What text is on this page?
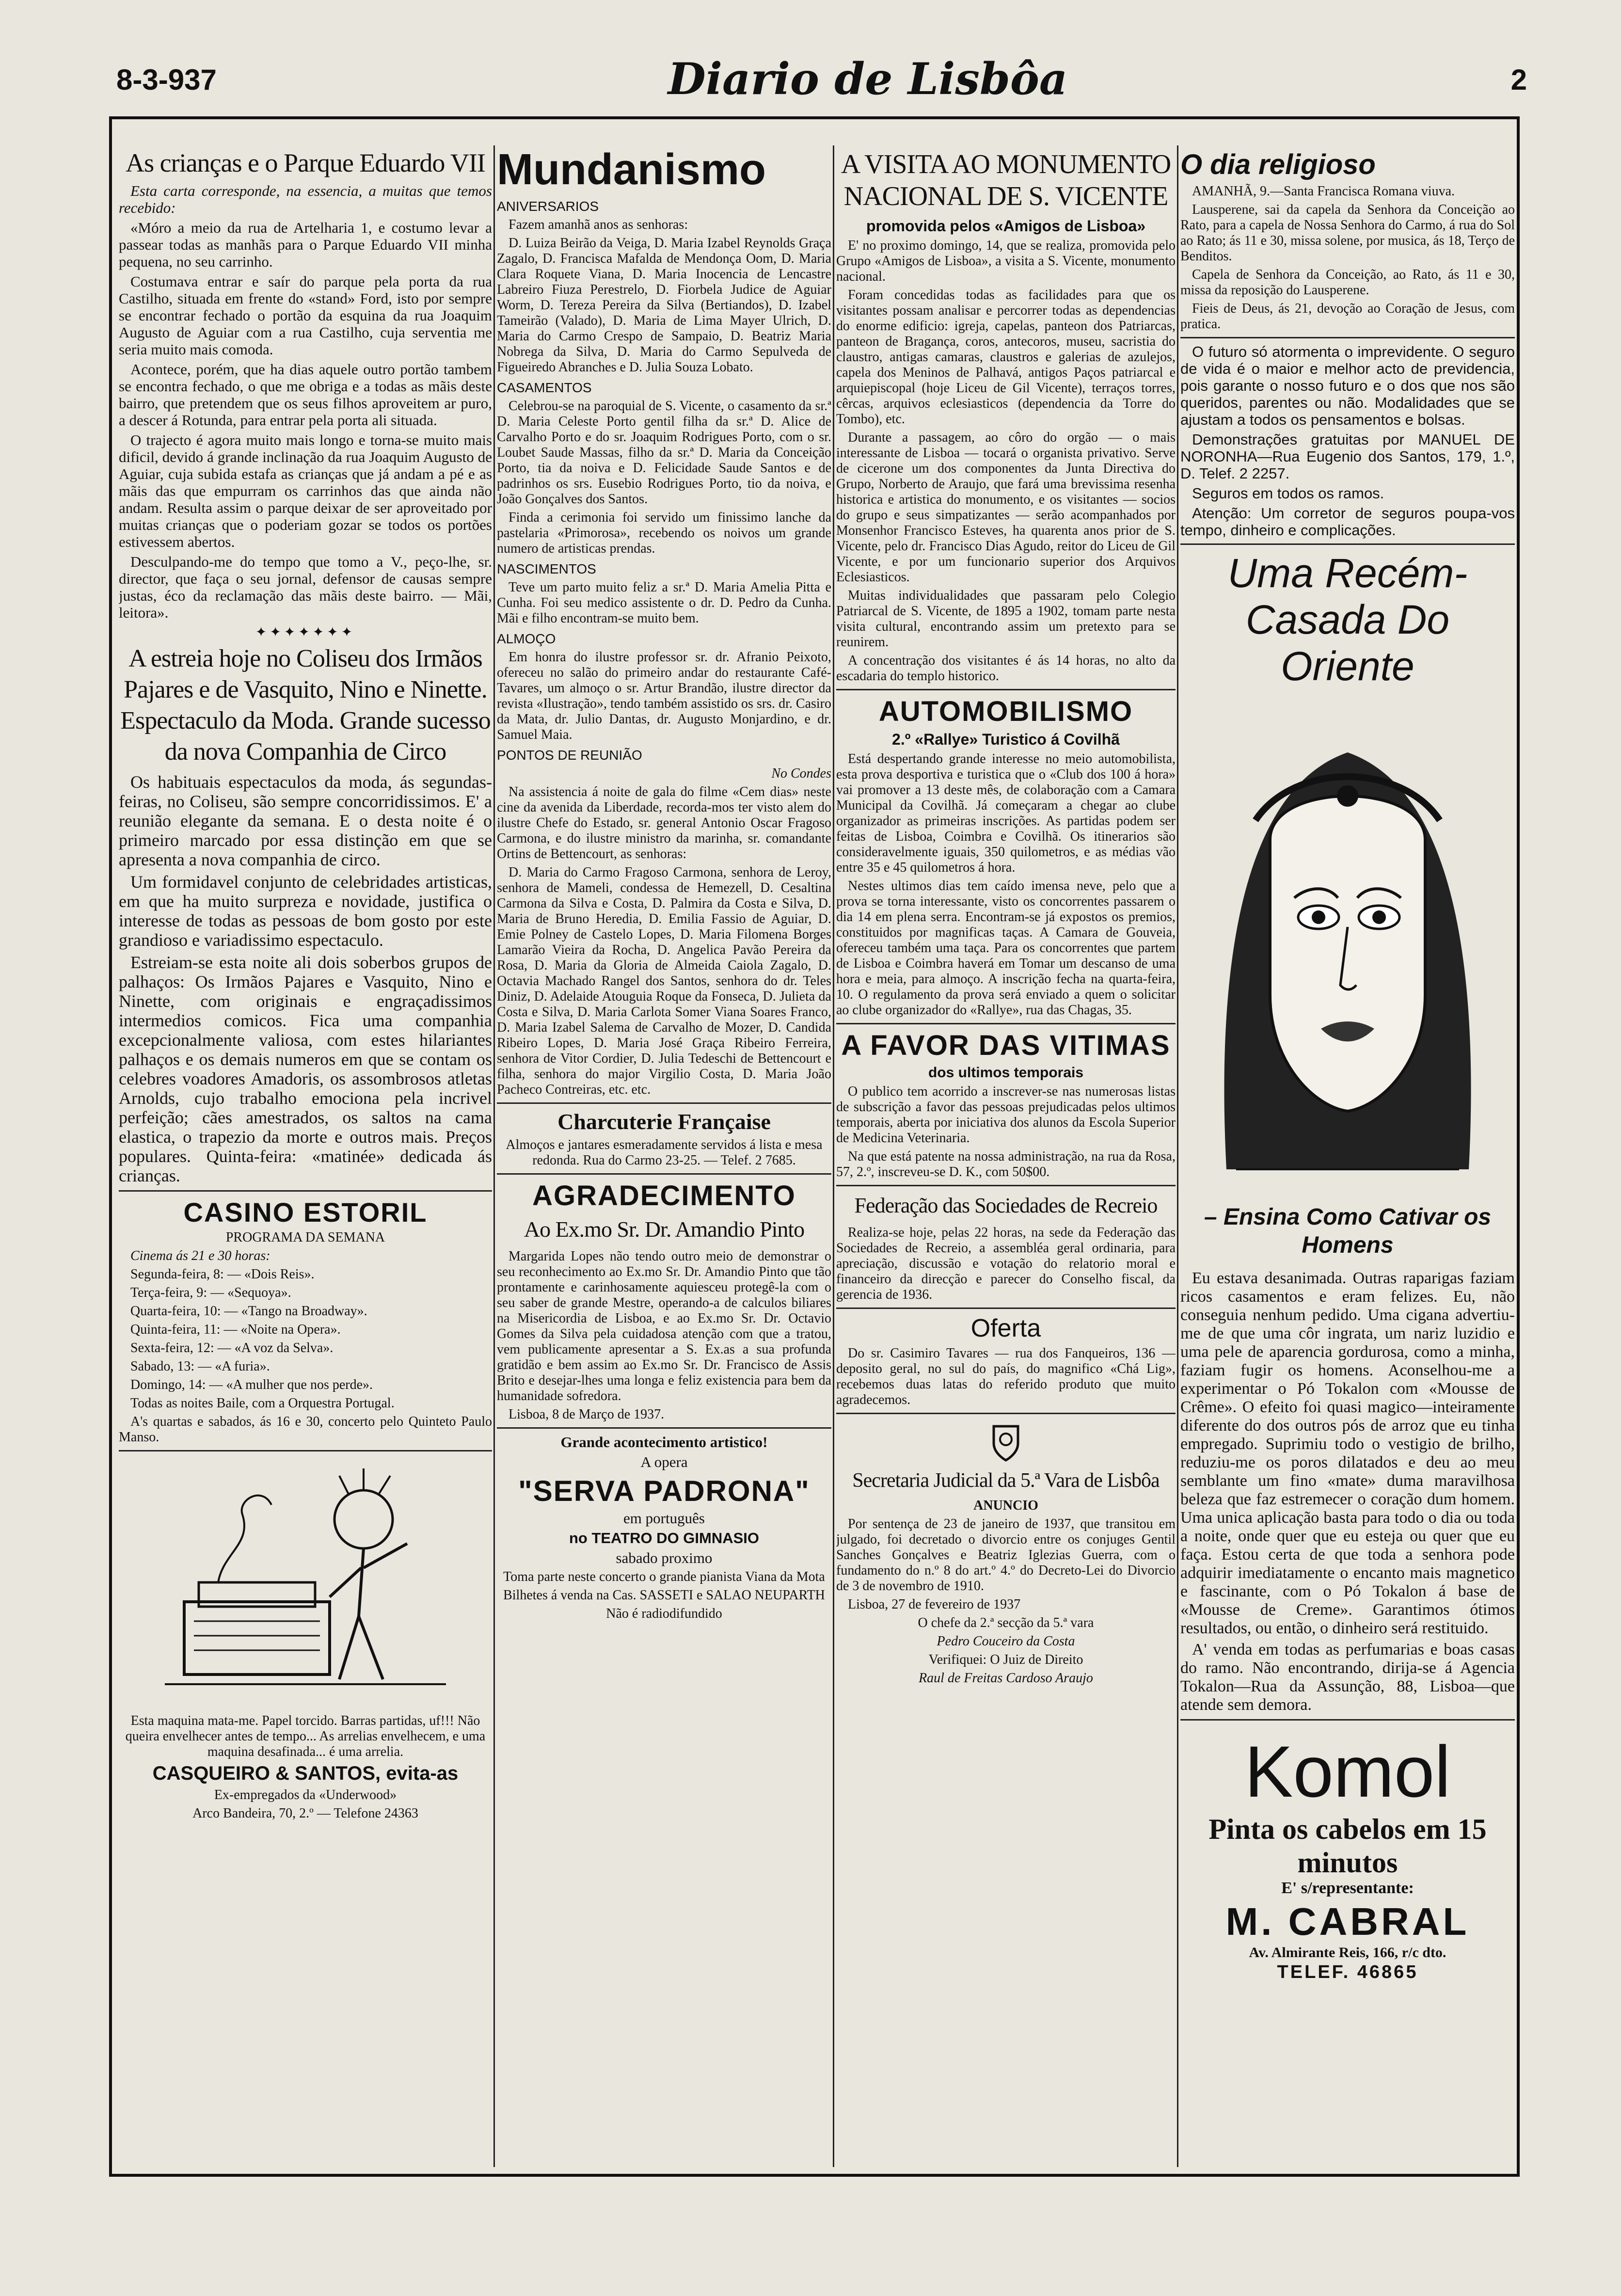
8-3-937	Diario de Lisbôa	2
As crianças e o Parque Eduardo VII

Esta carta corresponde, na essencia, a muitas que temos recebido:

«Móro a meio da rua de Artelharia 1, e costumo levar a passear todas as manhãs para o Parque Eduardo VII minha pequena, no seu carrinho.

Costumava entrar e saír do parque pela porta da rua Castilho, situada em frente do «stand» Ford, isto por sempre se encontrar fechado o portão da esquina da rua Joaquim Augusto de Aguiar com a rua Castilho, cuja serventia me seria muito mais comoda.

Acontece, porém, que ha dias aquele outro portão tambem se encontra fechado, o que me obriga e a todas as mãis deste bairro, que pretendem que os seus filhos aproveitem ar puro, a descer á Rotunda, para entrar pela porta ali situada.

O trajecto é agora muito mais longo e torna-se muito mais dificil, devido á grande inclinação da rua Joaquim Augusto de Aguiar, cuja subida estafa as crianças que já andam a pé e as mãis das que empurram os carrinhos das que ainda não andam. Resulta assim o parque deixar de ser aproveitado por muitas crianças que o poderiam gozar se todos os portões estivessem abertos.

Desculpando-me do tempo que tomo a V., peço-lhe, sr. director, que faça o seu jornal, defensor de causas sempre justas, éco da reclamação das mãis deste bairro. — Mãi, leitora».

✦✦✦✦✦✦✦
A estreia hoje no Coliseu dos Irmãos Pajares e de Vasquito, Nino e Ninette. Espectaculo da Moda. Grande sucesso da nova Companhia de Circo

Os habituais espectaculos da moda, ás segundas-feiras, no Coliseu, são sempre concorridissimos. E' a reunião elegante da semana. E o desta noite é o primeiro marcado por essa distinção em que se apresenta a nova companhia de circo.

Um formidavel conjunto de celebridades artisticas, em que ha muito surpreza e novidade, justifica o interesse de todas as pessoas de bom gosto por este grandioso e variadissimo espectaculo.

Estreiam-se esta noite ali dois soberbos grupos de palhaços: Os Irmãos Pajares e Vasquito, Nino e Ninette, com originais e engraçadissimos intermedios comicos. Fica uma companhia excepcionalmente valiosa, com estes hilariantes palhaços e os demais numeros em que se contam os celebres voadores Amadoris, os assombrosos atletas Arnolds, cujo trabalho emociona pela incrivel perfeição; cães amestrados, os saltos na cama elastica, o trapezio da morte e outros mais. Preços populares. Quinta-feira: «matinée» dedicada ás crianças.

CASINO ESTORIL

PROGRAMA DA SEMANA

Cinema ás 21 e 30 horas:

Segunda-feira, 8: — «Dois Reis».

Terça-feira, 9: — «Sequoya».

Quarta-feira, 10: — «Tango na Broadway».

Quinta-feira, 11: — «Noite na Opera».

Sexta-feira, 12: — «A voz da Selva».

Sabado, 13: — «A furia».

Domingo, 14: — «A mulher que nos perde».

Todas as noites Baile, com a Orquestra Portugal.

A's quartas e sabados, ás 16 e 30, concerto pelo Quinteto Paulo Manso.

Esta maquina mata-me. Papel torcido. Barras partidas, uf!!! Não queira envelhecer antes de tempo... As arrelias envelhecem, e uma maquina desafinada... é uma arrelia.

CASQUEIRO & SANTOS, evita-as

Ex-empregados da «Underwood»

Arco Bandeira, 70, 2.º — Telefone 24363

Mundanismo
ANIVERSARIOS

Fazem amanhã anos as senhoras:

D. Luiza Beirão da Veiga, D. Maria Izabel Reynolds Graça Zagalo, D. Francisca Mafalda de Mendonça Oom, D. Maria Clara Roquete Viana, D. Maria Inocencia de Lencastre Labreiro Fiuza Perestrelo, D. Fiorbela Judice de Aguiar Worm, D. Tereza Pereira da Silva (Bertiandos), D. Izabel Tameirão (Valado), D. Maria de Lima Mayer Ulrich, D. Maria do Carmo Crespo de Sampaio, D. Beatriz Maria Nobrega da Silva, D. Maria do Carmo Sepulveda de Figueiredo Abranches e D. Julia Souza Lobato.

CASAMENTOS

Celebrou-se na paroquial de S. Vicente, o casamento da sr.ª D. Maria Celeste Porto gentil filha da sr.ª D. Alice de Carvalho Porto e do sr. Joaquim Rodrigues Porto, com o sr. Loubet Saude Massas, filho da sr.ª D. Maria da Conceição Porto, tia da noiva e D. Felicidade Saude Santos e de padrinhos os srs. Eusebio Rodrigues Porto, tio da noiva, e João Gonçalves dos Santos.

Finda a cerimonia foi servido um finissimo lanche da pastelaria «Primorosa», recebendo os noivos um grande numero de artisticas prendas.

NASCIMENTOS

Teve um parto muito feliz a sr.ª D. Maria Amelia Pitta e Cunha. Foi seu medico assistente o dr. D. Pedro da Cunha. Mãi e filho encontram-se muito bem.

ALMOÇO

Em honra do ilustre professor sr. dr. Afranio Peixoto, ofereceu no salão do primeiro andar do restaurante Café-Tavares, um almoço o sr. Artur Brandão, ilustre director da revista «Ilustração», tendo também assistido os srs. dr. Casiro da Mata, dr. Julio Dantas, dr. Augusto Monjardino, e dr. Samuel Maia.

PONTOS DE REUNIÃO

No Condes

Na assistencia á noite de gala do filme «Cem dias» neste cine da avenida da Liberdade, recorda-mos ter visto alem do ilustre Chefe do Estado, sr. general Antonio Oscar Fragoso Carmona, e do ilustre ministro da marinha, sr. comandante Ortins de Bettencourt, as senhoras:

D. Maria do Carmo Fragoso Carmona, senhora de Leroy, senhora de Mameli, condessa de Hemezell, D. Cesaltina Carmona da Silva e Costa, D. Palmira da Costa e Silva, D. Maria de Bruno Heredia, D. Emilia Fassio de Aguiar, D. Emie Polney de Castelo Lopes, D. Maria Filomena Borges Lamarão Vieira da Rocha, D. Angelica Pavão Pereira da Rosa, D. Maria da Gloria de Almeida Caiola Zagalo, D. Octavia Machado Rangel dos Santos, senhora do dr. Teles Diniz, D. Adelaide Atouguia Roque da Fonseca, D. Julieta da Costa e Silva, D. Maria Carlota Somer Viana Soares Franco, D. Maria Izabel Salema de Carvalho de Mozer, D. Candida Ribeiro Lopes, D. Maria José Graça Ribeiro Ferreira, senhora de Vitor Cordier, D. Julia Tedeschi de Bettencourt e filha, senhora do major Virgilio Costa, D. Maria João Pacheco Contreiras, etc. etc.

Charcuterie Française

Almoços e jantares esmeradamente servidos á lista e mesa redonda. Rua do Carmo 23-25. — Telef. 2 7685.

AGRADECIMENTO
Ao Ex.mo Sr. Dr. Amandio Pinto

Margarida Lopes não tendo outro meio de demonstrar o seu reconhecimento ao Ex.mo Sr. Dr. Amandio Pinto que tão prontamente e carinhosamente aquiesceu protegê-la com o seu saber de grande Mestre, operando-a de calculos biliares na Misericordia de Lisboa, e ao Ex.mo Sr. Dr. Octavio Gomes da Silva pela cuidadosa atenção com que a tratou, vem publicamente apresentar a S. Ex.as a sua profunda gratidão e bem assim ao Ex.mo Sr. Dr. Francisco de Assis Brito e desejar-lhes uma longa e feliz existencia para bem da humanidade sofredora.

Lisboa, 8 de Março de 1937.

Grande acontecimento artistico!

A opera

"SERVA PADRONA"

em português

no TEATRO DO GIMNASIO

sabado proximo

Toma parte neste concerto o grande pianista Viana da Mota

Bilhetes á venda na Cas. SASSETI e SALAO NEUPARTH

Não é radiodifundido

A VISITA AO MONUMENTO NACIONAL DE S. VICENTE
promovida pelos «Amigos de Lisboa»

E' no proximo domingo, 14, que se realiza, promovida pelo Grupo «Amigos de Lisboa», a visita a S. Vicente, monumento nacional.

Foram concedidas todas as facilidades para que os visitantes possam analisar e percorrer todas as dependencias do enorme edificio: igreja, capelas, panteon dos Patriarcas, panteon de Bragança, coros, antecoros, museu, sacristia do claustro, antigas camaras, claustros e galerias de azulejos, capela dos Meninos de Palhavá, antigos Paços patriarcal e arquiepiscopal (hoje Liceu de Gil Vicente), terraços torres, cêrcas, arquivos eclesiasticos (dependencia da Torre do Tombo), etc.

Durante a passagem, ao côro do orgão — o mais interessante de Lisboa — tocará o organista privativo. Serve de cicerone um dos componentes da Junta Directiva do Grupo, Norberto de Araujo, que fará uma brevissima resenha historica e artistica do monumento, e os visitantes — socios do grupo e seus simpatizantes — serão acompanhados por Monsenhor Francisco Esteves, ha quarenta anos prior de S. Vicente, pelo dr. Francisco Dias Agudo, reitor do Liceu de Gil Vicente, e por um funcionario superior dos Arquivos Eclesiasticos.

Muitas individualidades que passaram pelo Colegio Patriarcal de S. Vicente, de 1895 a 1902, tomam parte nesta visita cultural, encontrando assim um pretexto para se reunirem.

A concentração dos visitantes é ás 14 horas, no alto da escadaria do templo historico.

AUTOMOBILISMO
2.º «Rallye» Turistico á Covilhã

Está despertando grande interesse no meio automobilista, esta prova desportiva e turistica que o «Club dos 100 á hora» vai promover a 13 deste mês, de colaboração com a Camara Municipal da Covilhã. Já começaram a chegar ao clube organizador as primeiras inscrições. As partidas podem ser feitas de Lisboa, Coimbra e Covilhã. Os itinerarios são consideravelmente iguais, 350 quilometros, e as médias vão entre 35 e 45 quilometros á hora.

Nestes ultimos dias tem caído imensa neve, pelo que a prova se torna interessante, visto os concorrentes passarem o dia 14 em plena serra. Encontram-se já expostos os premios, constituidos por magnificas taças. A Camara de Gouveia, ofereceu também uma taça. Para os concorrentes que partem de Lisboa e Coimbra haverá em Tomar um descanso de uma hora e meia, para almoço. A inscrição fecha na quarta-feira, 10. O regulamento da prova será enviado a quem o solicitar ao clube organizador do «Rallye», rua das Chagas, 35.

A FAVOR DAS VITIMAS
dos ultimos temporais

O publico tem acorrido a inscrever-se nas numerosas listas de subscrição a favor das pessoas prejudicadas pelos ultimos temporais, aberta por iniciativa dos alunos da Escola Superior de Medicina Veterinaria.

Na que está patente na nossa administração, na rua da Rosa, 57, 2.º, inscreveu-se D. K., com 50$00.

Federação das Sociedades de Recreio

Realiza-se hoje, pelas 22 horas, na sede da Federação das Sociedades de Recreio, a assembléa geral ordinaria, para apreciação, discussão e votação do relatorio moral e financeiro da direcção e parecer do Conselho fiscal, da gerencia de 1936.

Oferta

Do sr. Casimiro Tavares — rua dos Fanqueiros, 136 — deposito geral, no sul do país, do magnifico «Chá Lig», recebemos duas latas do referido produto que muito agradecemos.

Secretaria Judicial da 5.ª Vara de Lisbôa

ANUNCIO

Por sentença de 23 de janeiro de 1937, que transitou em julgado, foi decretado o divorcio entre os conjuges Gentil Sanches Gonçalves e Beatriz Iglezias Guerra, com o fundamento do n.º 8 do art.º 4.º do Decreto-Lei do Divorcio de 3 de novembro de 1910.

Lisboa, 27 de fevereiro de 1937

O chefe da 2.ª secção da 5.ª vara

Pedro Couceiro da Costa

Verifiquei: O Juiz de Direito

Raul de Freitas Cardoso Araujo

O dia religioso

AMANHÃ, 9.—Santa Francisca Romana viuva.

Lausperene, sai da capela da Senhora da Conceição ao Rato, para a capela de Nossa Senhora do Carmo, á rua do Sol ao Rato; ás 11 e 30, missa solene, por musica, ás 18, Terço de Benditos.

Capela de Senhora da Conceição, ao Rato, ás 11 e 30, missa da reposição do Lausperene.

Fieis de Deus, ás 21, devoção ao Coração de Jesus, com pratica.

O futuro só atormenta o imprevidente. O seguro de vida é o maior e melhor acto de previdencia, pois garante o nosso futuro e o dos que nos são queridos, parentes ou não. Modalidades que se ajustam a todos os pensamentos e bolsas.

Demonstrações gratuitas por MANUEL DE NORONHA—Rua Eugenio dos Santos, 179, 1.º, D. Telef. 2 2257.

Seguros em todos os ramos.

Atenção: Um corretor de seguros poupa-vos tempo, dinheiro e complicações.

Uma Recém-Casada Do Oriente
– Ensina Como Cativar os Homens

Eu estava desanimada. Outras raparigas faziam ricos casamentos e eram felizes. Eu, não conseguia nenhum pedido. Uma cigana advertiu-me de que uma côr ingrata, um nariz luzidio e uma pele de aparencia gordurosa, como a minha, faziam fugir os homens. Aconselhou-me a experimentar o Pó Tokalon com «Mousse de Crême». O efeito foi quasi magico—inteiramente diferente do dos outros pós de arroz que eu tinha empregado. Suprimiu todo o vestigio de brilho, reduziu-me os poros dilatados e deu ao meu semblante um fino «mate» duma maravilhosa beleza que faz estremecer o coração dum homem. Uma unica aplicação basta para todo o dia ou toda a noite, onde quer que eu esteja ou quer que eu faça. Estou certa de que toda a senhora pode adquirir imediatamente o encanto mais magnetico e fascinante, com o Pó Tokalon á base de «Mousse de Creme». Garantimos ótimos resultados, ou então, o dinheiro será restituido.

A' venda em todas as perfumarias e boas casas do ramo. Não encontrando, dirija-se á Agencia Tokalon—Rua da Assunção, 88, Lisboa—que atende sem demora.

Komol
Pinta os cabelos em 15 minutos

E' s/representante:

M. CABRAL

Av. Almirante Reis, 166, r/c dto.

TELEF. 46865
